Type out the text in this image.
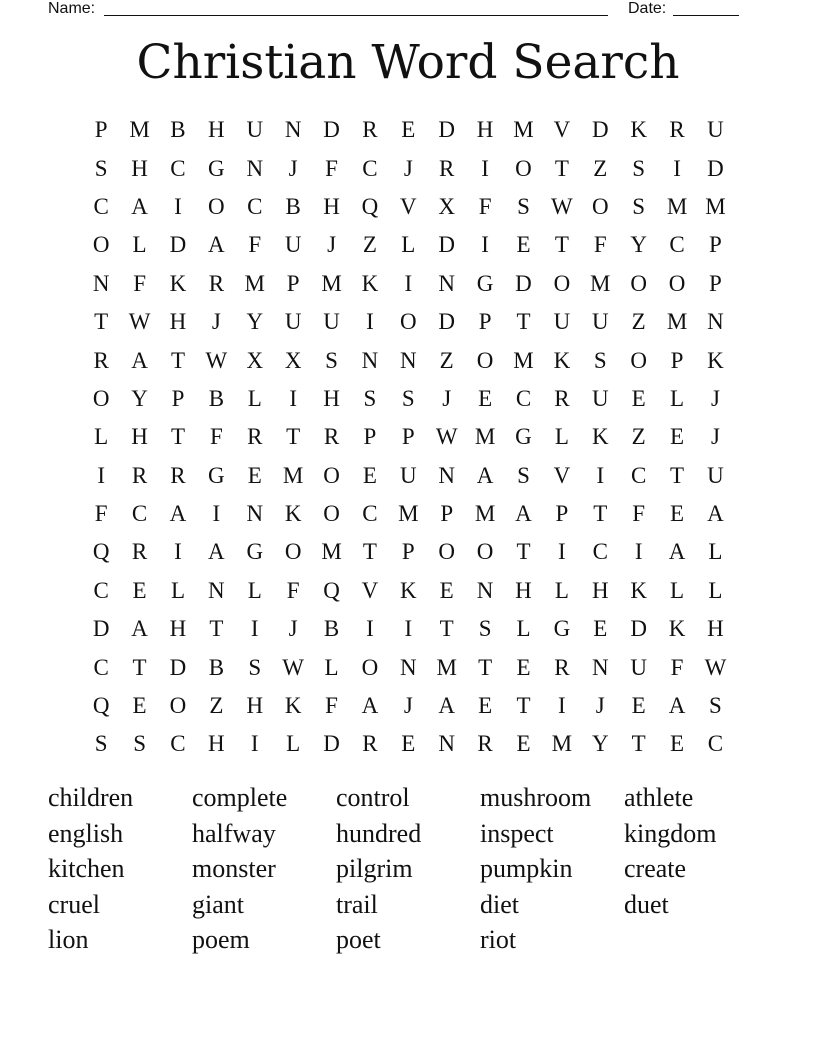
Name:	Date:
Christian Word Search
P M B H U N D R	E	D H M V D K R U
S	H C G N	J	F	C	J	R	I	O	T	Z	S	I	D
C A	I	O C	B H Q V X	F	S W O	S M M
O	L	D A	F	U	J	Z	L	D	I	E	T	F	Y C	P
N	F	K R M P M K	I	N G D O M O O	P
T W H	J	Y U U	I	O D	P	T	U U	Z M N
R A	T W X X	S	N N	Z	O M K	S	O	P	K
O Y	P	B	L	I	H	S	S	J	E	C	R U	E	L	J
L	H	T	F	R	T	R	P	P W M G	L	K	Z	E	J
I	R	R G	E M O	E	U N A	S	V	I	C	T	U
F	C A	I	N K O C M P M A	P	T	F	E	A
Q R	I	A G O M T	P	O O	T	I	C	I	A	L
C	E	L	N	L	F	Q V K	E	N H	L	H K	L	L
D A H	T	I	J	B	I	I	T	S	L	G	E	D K H
C	T	D B	S W L	O N M T	E	R N U	F W
Q	E	O	Z	H K	F	A	J	A	E	T	I	J	E	A	S
S	S	C H	I	L	D R	E	N R	E M Y	T	E	C
children	complete	control	mushroom	athlete
english	halfway	hundred	inspect	kingdom
kitchen	monster	pilgrim	pumpkin	create
cruel	giant	trail	diet	duet
lion	poem	poet	riot
